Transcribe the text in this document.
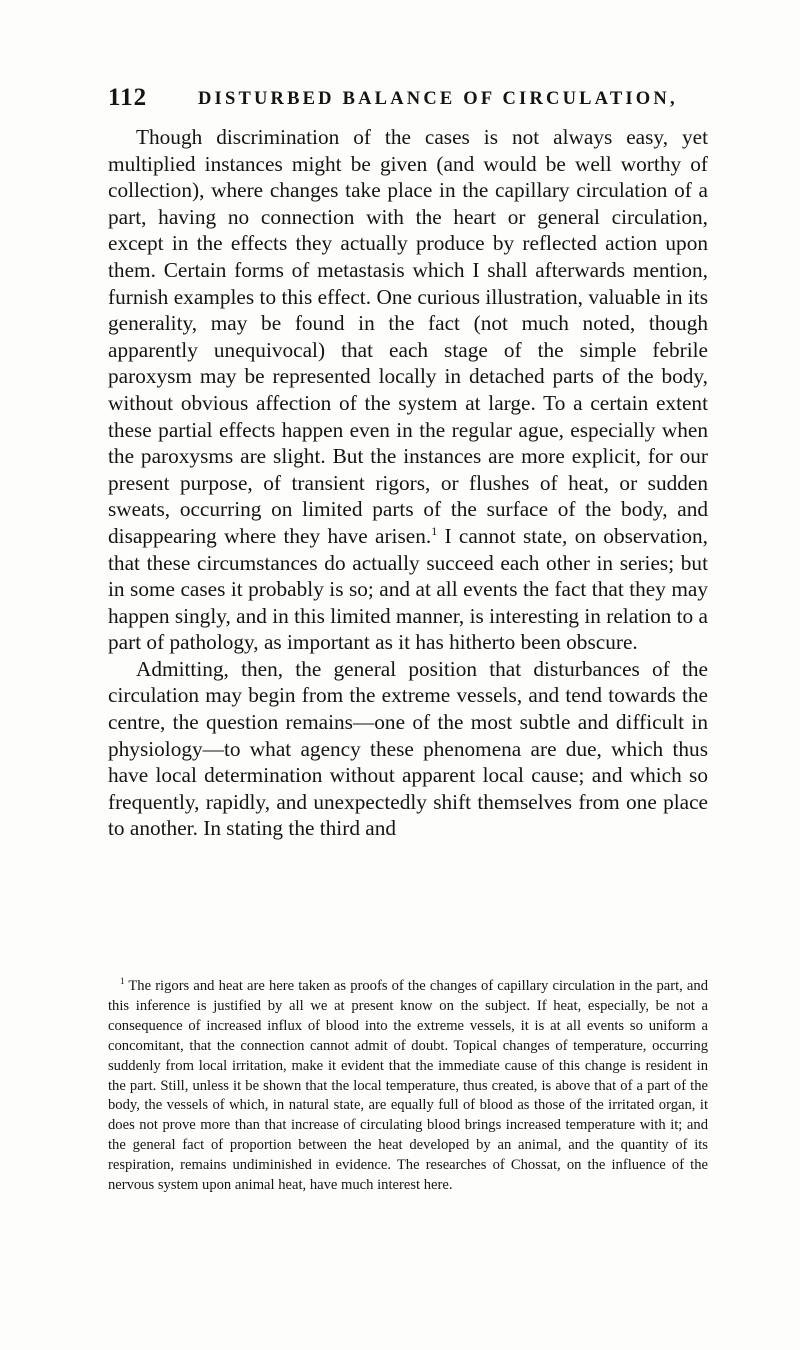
112	DISTURBED BALANCE OF CIRCULATION,

Though discrimination of the cases is not always easy, yet multiplied instances might be given (and would be well worthy of collection), where changes take place in the capillary circulation of a part, having no connection with the heart or general circulation, except in the effects they actually produce by reflected action upon them. Certain forms of metastasis which I shall afterwards mention, furnish examples to this effect. One curious illustration, valuable in its generality, may be found in the fact (not much noted, though apparently unequivocal) that each stage of the simple febrile paroxysm may be represented locally in detached parts of the body, without obvious affection of the system at large. To a certain extent these partial effects happen even in the regular ague, especially when the paroxysms are slight. But the instances are more explicit, for our present purpose, of transient rigors, or flushes of heat, or sudden sweats, occurring on limited parts of the surface of the body, and disappearing where they have arisen.$^1$ I cannot state, on observation, that these circumstances do actually succeed each other in series; but in some cases it probably is so; and at all events the fact that they may happen singly, and in this limited manner, is interesting in relation to a part of pathology, as important as it has hitherto been obscure.

Admitting, then, the general position that disturbances of the circulation may begin from the extreme vessels, and tend towards the centre, the question remains—one of the most subtle and difficult in physiology—to what agency these phenomena are due, which thus have local determination without apparent local cause; and which so frequently, rapidly, and unexpectedly shift themselves from one place to another. In stating the third and

$^1$ The rigors and heat are here taken as proofs of the changes of capillary circulation in the part, and this inference is justified by all we at present know on the subject. If heat, especially, be not a consequence of increased influx of blood into the extreme vessels, it is at all events so uniform a concomitant, that the connection cannot admit of doubt. Topical changes of temperature, occurring suddenly from local irritation, make it evident that the immediate cause of this change is resident in the part. Still, unless it be shown that the local temperature, thus created, is above that of a part of the body, the vessels of which, in natural state, are equally full of blood as those of the irritated organ, it does not prove more than that increase of circulating blood brings increased temperature with it; and the general fact of proportion between the heat developed by an animal, and the quantity of its respiration, remains undiminished in evidence. The researches of Chossat, on the influence of the nervous system upon animal heat, have much interest here.
